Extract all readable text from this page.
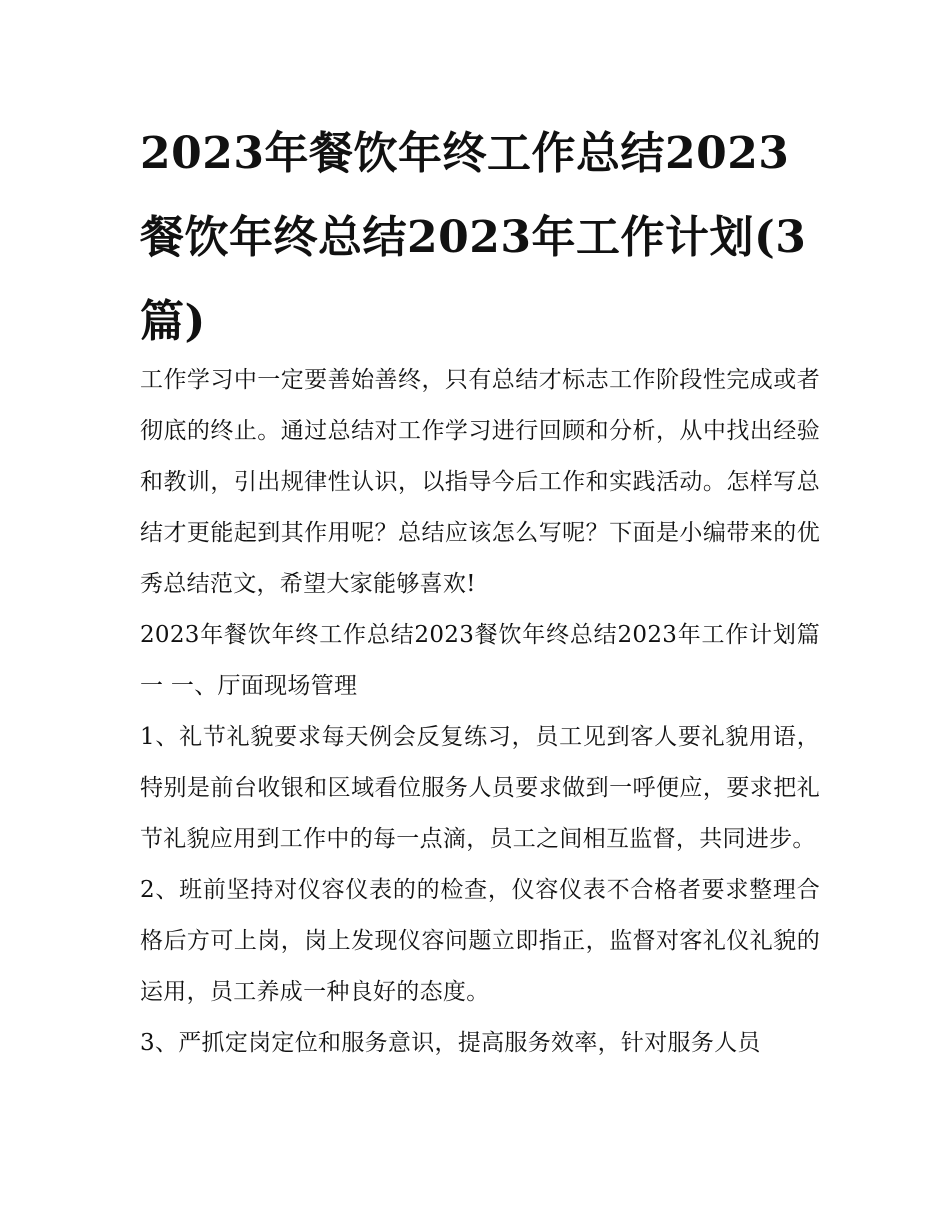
2023年餐饮年终工作总结2023餐饮年终总结2023年工作计划(3篇)

工作学习中一定要善始善终，只有总结才标志工作阶段性完成或者彻底的终止。通过总结对工作学习进行回顾和分析，从中找出经验和教训，引出规律性认识，以指导今后工作和实践活动。怎样写总结才更能起到其作用呢？总结应该怎么写呢？下面是小编带来的优秀总结范文，希望大家能够喜欢!

2023年餐饮年终工作总结2023餐饮年终总结2023年工作计划篇一 一、厅面现场管理

1、礼节礼貌要求每天例会反复练习，员工见到客人要礼貌用语，特别是前台收银和区域看位服务人员要求做到一呼便应，要求把礼节礼貌应用到工作中的每一点滴，员工之间相互监督，共同进步。

2、班前坚持对仪容仪表的的检查，仪容仪表不合格者要求整理合格后方可上岗，岗上发现仪容问题立即指正，监督对客礼仪礼貌的运用，员工养成一种良好的态度。

3、严抓定岗定位和服务意识，提高服务效率，针对服务人员
